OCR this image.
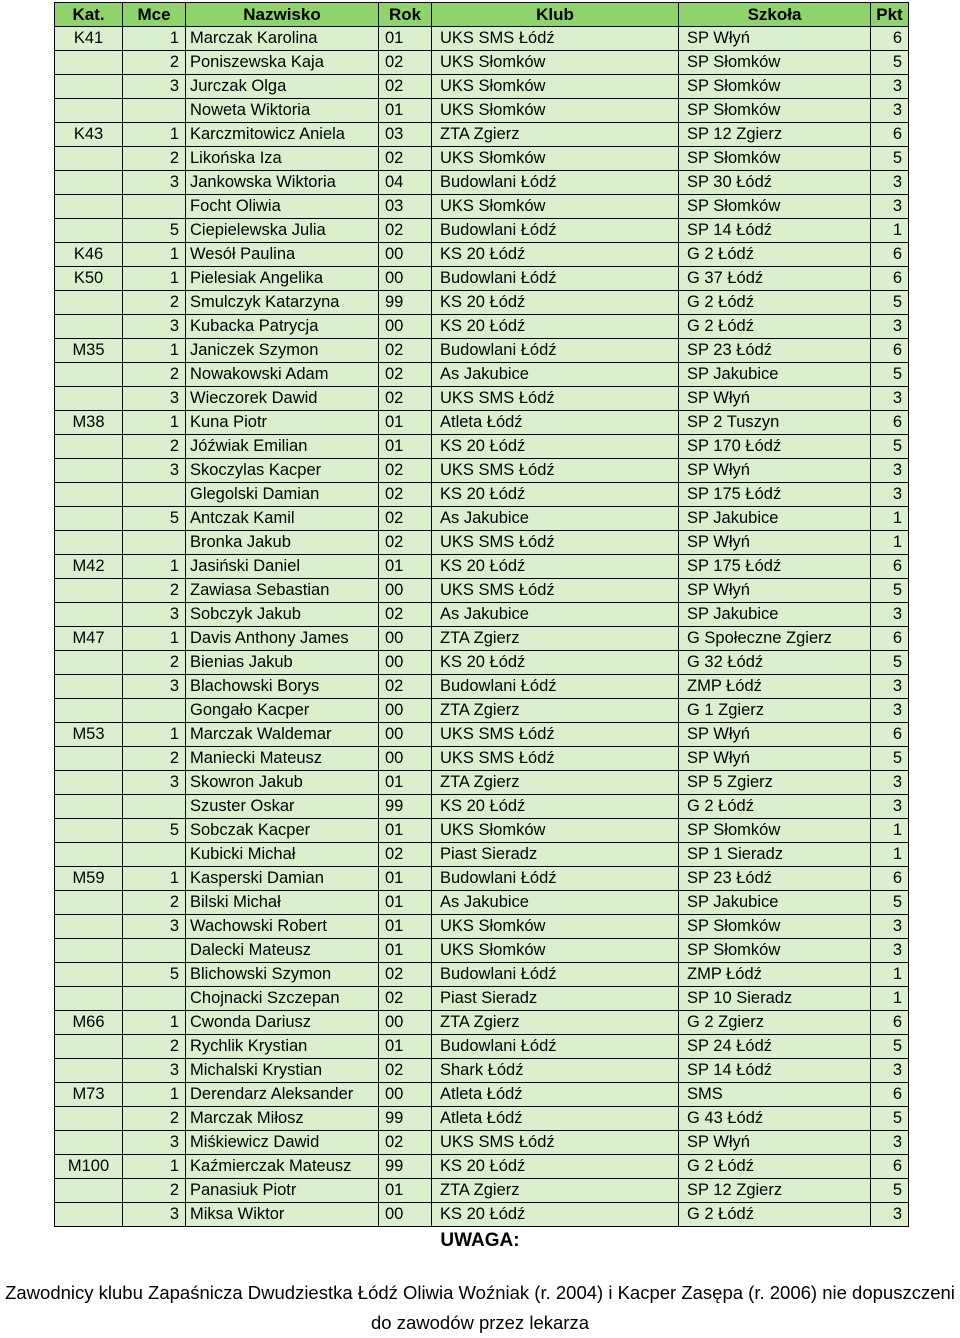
Kat.	Mce	Nazwisko	Rok	Klub	Szkoła	Pkt
K41	1	Marczak Karolina	01	UKS SMS Łódź	SP Włyń	6
	2	Poniszewska Kaja	02	UKS Słomków	SP Słomków	5
	3	Jurczak Olga	02	UKS Słomków	SP Słomków	3
		Noweta Wiktoria	01	UKS Słomków	SP Słomków	3
K43	1	Karczmitowicz Aniela	03	ZTA Zgierz	SP 12 Zgierz	6
	2	Likońska Iza	02	UKS Słomków	SP Słomków	5
	3	Jankowska Wiktoria	04	Budowlani Łódź	SP 30 Łódź	3
		Focht Oliwia	03	UKS Słomków	SP Słomków	3
	5	Ciepielewska Julia	02	Budowlani Łódź	SP 14 Łódź	1
K46	1	Wesół Paulina	00	KS 20 Łódź	G 2 Łódź	6
K50	1	Pielesiak Angelika	00	Budowlani Łódź	G 37 Łódź	6
	2	Smulczyk Katarzyna	99	KS 20 Łódź	G 2 Łódź	5
	3	Kubacka Patrycja	00	KS 20 Łódź	G 2 Łódź	3
M35	1	Janiczek Szymon	02	Budowlani Łódź	SP 23 Łódź	6
	2	Nowakowski Adam	02	As Jakubice	SP Jakubice	5
	3	Wieczorek Dawid	02	UKS SMS Łódź	SP Włyń	3
M38	1	Kuna Piotr	01	Atleta Łódź	SP 2 Tuszyn	6
	2	Jóźwiak Emilian	01	KS 20 Łódź	SP 170 Łódź	5
	3	Skoczylas Kacper	02	UKS SMS Łódź	SP Włyń	3
		Glegolski Damian	02	KS 20 Łódź	SP 175 Łódź	3
	5	Antczak Kamil	02	As Jakubice	SP Jakubice	1
		Bronka Jakub	02	UKS SMS Łódź	SP Włyń	1
M42	1	Jasiński Daniel	01	KS 20 Łódź	SP 175 Łódź	6
	2	Zawiasa Sebastian	00	UKS SMS Łódź	SP Włyń	5
	3	Sobczyk Jakub	02	As Jakubice	SP Jakubice	3
M47	1	Davis Anthony James	00	ZTA Zgierz	G Społeczne Zgierz	6
	2	Bienias Jakub	00	KS 20 Łódź	G 32 Łódź	5
	3	Blachowski Borys	02	Budowlani Łódź	ZMP Łódź	3
		Gongało Kacper	00	ZTA Zgierz	G 1 Zgierz	3
M53	1	Marczak Waldemar	00	UKS SMS Łódź	SP Włyń	6
	2	Maniecki Mateusz	00	UKS SMS Łódź	SP Włyń	5
	3	Skowron Jakub	01	ZTA Zgierz	SP 5 Zgierz	3
		Szuster Oskar	99	KS 20 Łódź	G 2 Łódź	3
	5	Sobczak Kacper	01	UKS Słomków	SP Słomków	1
		Kubicki Michał	02	Piast Sieradz	SP 1 Sieradz	1
M59	1	Kasperski Damian	01	Budowlani Łódź	SP 23 Łódź	6
	2	Bilski Michał	01	As Jakubice	SP Jakubice	5
	3	Wachowski Robert	01	UKS Słomków	SP Słomków	3
		Dalecki Mateusz	01	UKS Słomków	SP Słomków	3
	5	Blichowski Szymon	02	Budowlani Łódź	ZMP Łódź	1
		Chojnacki Szczepan	02	Piast Sieradz	SP 10 Sieradz	1
M66	1	Cwonda Dariusz	00	ZTA Zgierz	G 2 Zgierz	6
	2	Rychlik Krystian	01	Budowlani Łódź	SP 24 Łódź	5
	3	Michalski Krystian	02	Shark Łódź	SP 14 Łódź	3
M73	1	Derendarz Aleksander	00	Atleta Łódź	SMS	6
	2	Marczak Miłosz	99	Atleta Łódź	G 43 Łódź	5
	3	Miśkiewicz Dawid	02	UKS SMS Łódź	SP Włyń	3
M100	1	Kaźmierczak Mateusz	99	KS 20 Łódź	G 2 Łódź	6
	2	Panasiuk Piotr	01	ZTA Zgierz	SP 12 Zgierz	5
	3	Miksa Wiktor	00	KS 20 Łódź	G 2 Łódź	3
UWAGA:
Zawodnicy klubu Zapaśnicza Dwudziestka Łódź Oliwia Woźniak (r. 2004) i Kacper Zasępa (r. 2006) nie dopuszczeni
do zawodów przez lekarza
